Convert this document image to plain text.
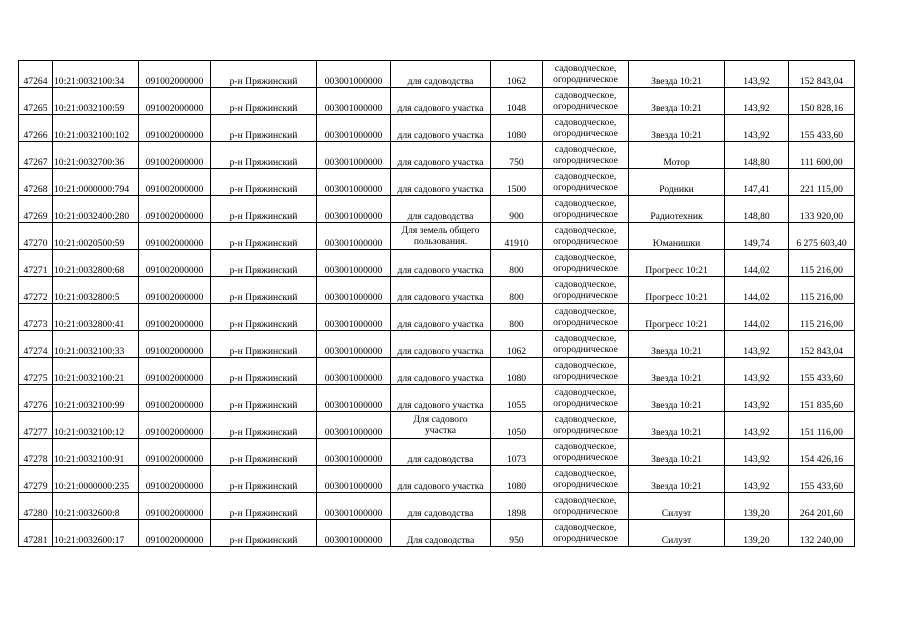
47264	10:21:0032100:34	091002000000	р-н Пряжинский	003001000000	для садоводства	1062	садоводческое,
огородническое	Звезда 10:21	143,92	152 843,04
47265	10:21:0032100:59	091002000000	р-н Пряжинский	003001000000	для садового участка	1048	садоводческое,
огородническое	Звезда 10:21	143,92	150 828,16
47266	10:21:0032100:102	091002000000	р-н Пряжинский	003001000000	для садового участка	1080	садоводческое,
огородническое	Звезда 10:21	143,92	155 433,60
47267	10:21:0032700:36	091002000000	р-н Пряжинский	003001000000	для садового участка	750	садоводческое,
огородническое	Мотор	148,80	111 600,00
47268	10:21:0000000:794	091002000000	р-н Пряжинский	003001000000	для садового участка	1500	садоводческое,
огородническое	Родники	147,41	221 115,00
47269	10:21:0032400:280	091002000000	р-н Пряжинский	003001000000	для садоводства	900	садоводческое,
огородническое	Радиотехник	148,80	133 920,00
47270	10:21:0020500:59	091002000000	р-н Пряжинский	003001000000	Для земель общего
пользования.	41910	садоводческое,
огородническое	Юманишки	149,74	6 275 603,40
47271	10:21:0032800:68	091002000000	р-н Пряжинский	003001000000	для садового участка	800	садоводческое,
огородническое	Прогресс 10:21	144,02	115 216,00
47272	10:21:0032800:5	091002000000	р-н Пряжинский	003001000000	для садового участка	800	садоводческое,
огородническое	Прогресс 10:21	144,02	115 216,00
47273	10:21:0032800:41	091002000000	р-н Пряжинский	003001000000	для садового участка	800	садоводческое,
огородническое	Прогресс 10:21	144,02	115 216,00
47274	10:21:0032100:33	091002000000	р-н Пряжинский	003001000000	для садового участка	1062	садоводческое,
огородническое	Звезда 10:21	143,92	152 843,04
47275	10:21:0032100:21	091002000000	р-н Пряжинский	003001000000	для садового участка	1080	садоводческое,
огородническое	Звезда 10:21	143,92	155 433,60
47276	10:21:0032100:99	091002000000	р-н Пряжинский	003001000000	для садового участка	1055	садоводческое,
огородническое	Звезда 10:21	143,92	151 835,60
47277	10:21:0032100:12	091002000000	р-н Пряжинский	003001000000	Для садового
участка	1050	садоводческое,
огородническое	Звезда 10:21	143,92	151 116,00
47278	10:21:0032100:91	091002000000	р-н Пряжинский	003001000000	для садоводства	1073	садоводческое,
огородническое	Звезда 10:21	143,92	154 426,16
47279	10:21:0000000:235	091002000000	р-н Пряжинский	003001000000	для садового участка	1080	садоводческое,
огородническое	Звезда 10:21	143,92	155 433,60
47280	10:21:0032600:8	091002000000	р-н Пряжинский	003001000000	для садоводства	1898	садоводческое,
огородническое	Силуэт	139,20	264 201,60
47281	10:21:0032600:17	091002000000	р-н Пряжинский	003001000000	Для садоводства	950	садоводческое,
огородническое	Силуэт	139,20	132 240,00
